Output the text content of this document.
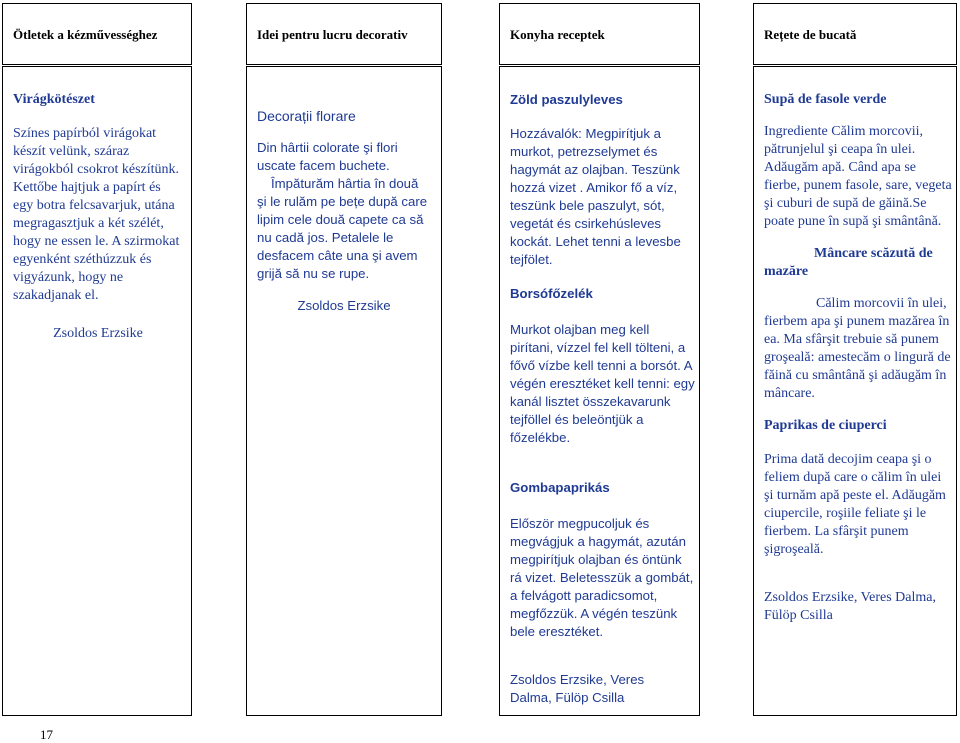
Ötletek a kézművességhez	Idei pentru lucru decorativ	Konyha receptek	Rețete de bucată

Virágkötészet

Színes papírból virágokat készít velünk, száraz virágokból csokrot készítünk. Kettőbe hajtjuk a papírt és egy botra felcsavarjuk, utána megragasztjuk a két szélét, hogy ne essen le. A szirmokat egyenként széthúzzuk és vigyázunk, hogy ne szakadjanak el.

Zsoldos Erzsike

Decorații florare

Din hârtii colorate şi flori uscate facem buchete.

Împăturăm hârtia în două şi le rulăm pe bețe după care lipim cele două capete ca să nu cadă jos. Petalele le desfacem câte una şi avem grijă să nu se rupe.

Zsoldos Erzsike

Zöld paszulyleves

Hozzávalók: Megpirítjuk a murkot, petrezselymet és hagymát az olajban. Teszünk hozzá vizet . Amikor fő a víz, teszünk bele paszulyt, sót, vegetát és csirkehúsleves kockát. Lehet tenni a levesbe tejfölet.

Borsófőzelék

Murkot olajban meg kell pirítani, vízzel fel kell tölteni, a fővő vízbe kell tenni a borsót. A végén eresztéket kell tenni: egy kanál lisztet összekavarunk tejföllel és beleöntjük a főzelékbe.

Gombapaprikás

Először megpucoljuk és megvágjuk a hagymát, azután megpirítjuk olajban és öntünk rá vizet. Beletesszük a gombát, a felvágott paradicsomot, megfőzzük. A végén teszünk bele eresztéket.

Zsoldos Erzsike, Veres Dalma, Fülöp Csilla

Supă de fasole verde

Ingrediente Călim morcovii, pătrunjelul şi ceapa în ulei. Adăugăm apă. Când apa se fierbe, punem fasole, sare, vegeta şi cuburi de supă de găină.Se poate pune în supă şi smântână.

Mâncare scăzută de mazăre

Călim morcovii în ulei, fierbem apa şi punem mazărea în ea. Ma sfârşit trebuie să punem groşeală: amestecăm o lingură de făină cu smântână şi adăugăm în mâncare.

Paprikas de ciuperci

Prima dată decojim ceapa şi o feliem după care o călim în ulei şi turnăm apă peste el. Adăugăm ciupercile, roşiile feliate şi le fierbem. La sfârşit punem şigroşeală.

Zsoldos Erzsike, Veres Dalma, Fülöp Csilla

17
